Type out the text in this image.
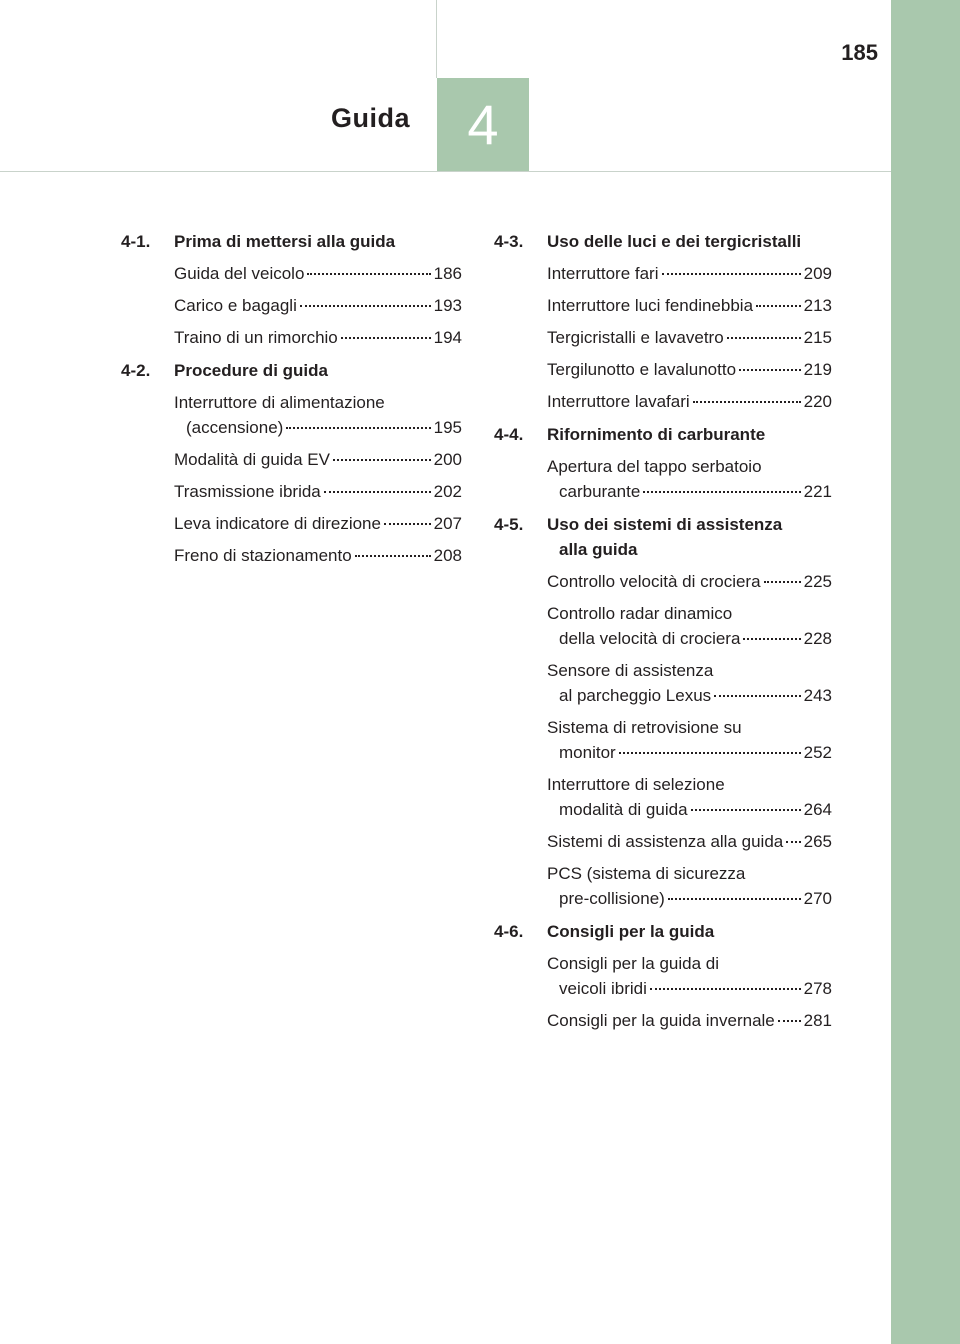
185
Guida 4
4-1.	Prima di mettersi alla guida
Guida del veicolo	186
Carico e bagagli	193
Traino di un rimorchio	194
4-2.	Procedure di guida
Interruttore di alimentazione
(accensione)	195
Modalità di guida EV	200
Trasmissione ibrida	202
Leva indicatore di direzione	207
Freno di stazionamento	208
4-3.	Uso delle luci e dei tergicristalli
Interruttore fari	209
Interruttore luci fendinebbia	213
Tergicristalli e lavavetro	215
Tergilunotto e lavalunotto	219
Interruttore lavafari	220
4-4.	Rifornimento di carburante
Apertura del tappo serbatoio
carburante	221
4-5.	Uso dei sistemi di assistenza
alla guida
Controllo velocità di crociera	225
Controllo radar dinamico
della velocità di crociera	228
Sensore di assistenza
al parcheggio Lexus	243
Sistema di retrovisione su
monitor	252
Interruttore di selezione
modalità di guida	264
Sistemi di assistenza alla guida 265
PCS (sistema di sicurezza
pre-collisione)	270
4-6.	Consigli per la guida
Consigli per la guida di
veicoli ibridi	278
Consigli per la guida invernale 281
